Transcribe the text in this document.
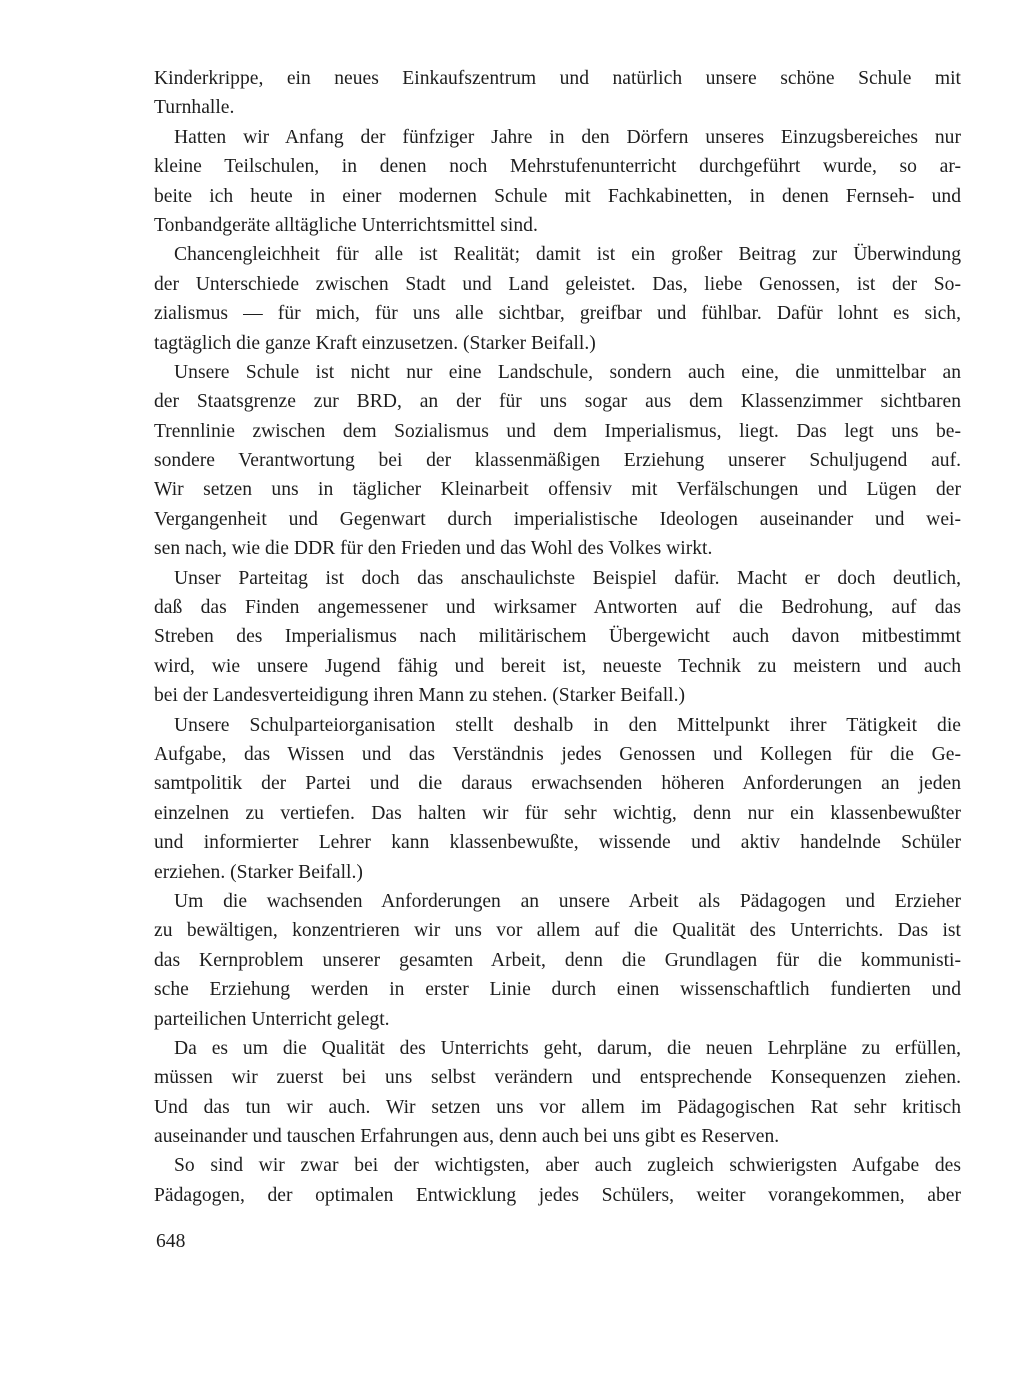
Kinderkrippe, ein neues Einkaufszentrum und natürlich unsere schöne Schule mit
Turnhalle.
Hatten wir Anfang der fünfziger Jahre in den Dörfern unseres Einzugsbereiches nur
kleine Teilschulen, in denen noch Mehrstufenunterricht durchgeführt wurde, so ar-
beite ich heute in einer modernen Schule mit Fachkabinetten, in denen Fernseh- und
Tonbandgeräte alltägliche Unterrichtsmittel sind.
Chancengleichheit für alle ist Realität; damit ist ein großer Beitrag zur Überwindung
der Unterschiede zwischen Stadt und Land geleistet. Das, liebe Genossen, ist der So-
zialismus — für mich, für uns alle sichtbar, greifbar und fühlbar. Dafür lohnt es sich,
tagtäglich die ganze Kraft einzusetzen. (Starker Beifall.)
Unsere Schule ist nicht nur eine Landschule, sondern auch eine, die unmittelbar an
der Staatsgrenze zur BRD, an der für uns sogar aus dem Klassenzimmer sichtbaren
Trennlinie zwischen dem Sozialismus und dem Imperialismus, liegt. Das legt uns be-
sondere Verantwortung bei der klassenmäßigen Erziehung unserer Schuljugend auf.
Wir setzen uns in täglicher Kleinarbeit offensiv mit Verfälschungen und Lügen der
Vergangenheit und Gegenwart durch imperialistische Ideologen auseinander und wei-
sen nach, wie die DDR für den Frieden und das Wohl des Volkes wirkt.
Unser Parteitag ist doch das anschaulichste Beispiel dafür. Macht er doch deutlich,
daß das Finden angemessener und wirksamer Antworten auf die Bedrohung, auf das
Streben des Imperialismus nach militärischem Übergewicht auch davon mitbestimmt
wird, wie unsere Jugend fähig und bereit ist, neueste Technik zu meistern und auch
bei der Landesverteidigung ihren Mann zu stehen. (Starker Beifall.)
Unsere Schulparteiorganisation stellt deshalb in den Mittelpunkt ihrer Tätigkeit die
Aufgabe, das Wissen und das Verständnis jedes Genossen und Kollegen für die Ge-
samtpolitik der Partei und die daraus erwachsenden höheren Anforderungen an jeden
einzelnen zu vertiefen. Das halten wir für sehr wichtig, denn nur ein klassenbewußter
und informierter Lehrer kann klassenbewußte, wissende und aktiv handelnde Schüler
erziehen. (Starker Beifall.)
Um die wachsenden Anforderungen an unsere Arbeit als Pädagogen und Erzieher
zu bewältigen, konzentrieren wir uns vor allem auf die Qualität des Unterrichts. Das ist
das Kernproblem unserer gesamten Arbeit, denn die Grundlagen für die kommunisti-
sche Erziehung werden in erster Linie durch einen wissenschaftlich fundierten und
parteilichen Unterricht gelegt.
Da es um die Qualität des Unterrichts geht, darum, die neuen Lehrpläne zu erfüllen,
müssen wir zuerst bei uns selbst verändern und entsprechende Konsequenzen ziehen.
Und das tun wir auch. Wir setzen uns vor allem im Pädagogischen Rat sehr kritisch
auseinander und tauschen Erfahrungen aus, denn auch bei uns gibt es Reserven.
So sind wir zwar bei der wichtigsten, aber auch zugleich schwierigsten Aufgabe des
Pädagogen, der optimalen Entwicklung jedes Schülers, weiter vorangekommen, aber
648
